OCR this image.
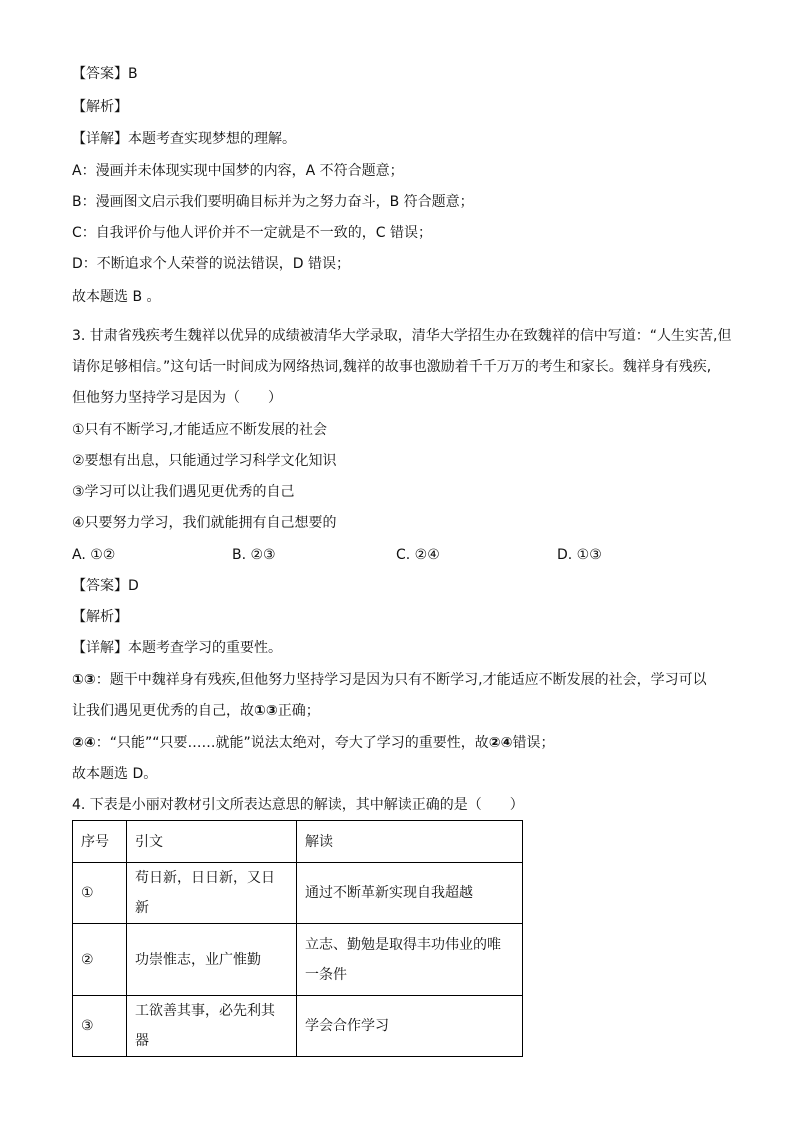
【答案】B
【解析】
【详解】本题考查实现梦想的理解。
A：漫画并未体现实现中国梦的内容，A 不符合题意；
B：漫画图文启示我们要明确目标并为之努力奋斗，B 符合题意；
C：自我评价与他人评价并不一定就是不一致的，C 错误；
D：不断追求个人荣誉的说法错误，D 错误；
故本题选 B 。
3. 甘肃省残疾考生魏祥以优异的成绩被清华大学录取，清华大学招生办在致魏祥的信中写道：“人生实苦,但
请你足够相信。”这句话一时间成为网络热词,魏祥的故事也激励着千千万万的考生和家长。魏祥身有残疾,
但他努力坚持学习是因为（　　）
①只有不断学习,才能适应不断发展的社会
②要想有出息，只能通过学习科学文化知识
③学习可以让我们遇见更优秀的自己
④只要努力学习，我们就能拥有自己想要的
A. ①②	B. ②③	C. ②④	D. ①③
【答案】D
【解析】
【详解】本题考查学习的重要性。
①③：题干中魏祥身有残疾,但他努力坚持学习是因为只有不断学习,才能适应不断发展的社会，学习可以
让我们遇见更优秀的自己，故①③正确；
②④：“只能”“只要……就能”说法太绝对，夸大了学习的重要性，故②④错误；
故本题选 D。
4. 下表是小丽对教材引文所表达意思的解读，其中解读正确的是（　　）
序号	引文	解读
①	苟日新，日日新，又日新	通过不断革新实现自我超越
②	功崇惟志，业广惟勤	立志、勤勉是取得丰功伟业的唯一条件
③	工欲善其事，必先利其器	学会合作学习
